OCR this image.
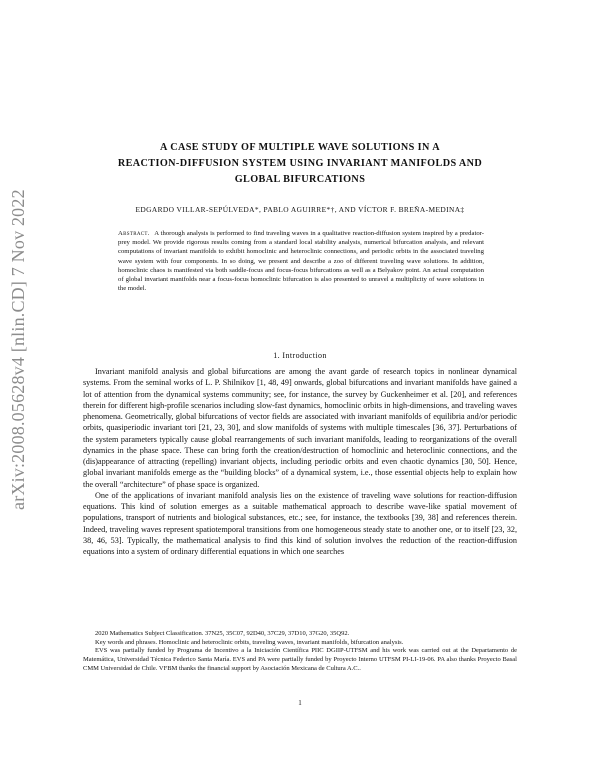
arXiv:2008.05628v4 [nlin.CD] 7 Nov 2022
A CASE STUDY OF MULTIPLE WAVE SOLUTIONS IN A
REACTION-DIFFUSION SYSTEM USING INVARIANT MANIFOLDS AND
GLOBAL BIFURCATIONS
EDGARDO VILLAR-SEPÚLVEDA*, PABLO AGUIRRE*†, AND VÍCTOR F. BREÑA-MEDINA‡
Abstract. A thorough analysis is performed to find traveling waves in a qualitative reaction-diffusion system inspired by a predator-prey model. We provide rigorous results coming from a standard local stability analysis, numerical bifurcation analysis, and relevant computations of invariant manifolds to exhibit homoclinic and heteroclinic connections, and periodic orbits in the associated traveling wave system with four components. In so doing, we present and describe a zoo of different traveling wave solutions. In addition, homoclinic chaos is manifested via both saddle-focus and focus-focus bifurcations as well as a Belyakov point. An actual computation of global invariant manifolds near a focus-focus homoclinic bifurcation is also presented to unravel a multiplicity of wave solutions in the model.
1. Introduction

Invariant manifold analysis and global bifurcations are among the avant garde of research topics in nonlinear dynamical systems. From the seminal works of L. P. Shilnikov [1, 48, 49] onwards, global bifurcations and invariant manifolds have gained a lot of attention from the dynamical systems community; see, for instance, the survey by Guckenheimer et al. [20], and references therein for different high-profile scenarios including slow-fast dynamics, homoclinic orbits in high-dimensions, and traveling waves phenomena. Geometrically, global bifurcations of vector fields are associated with invariant manifolds of equilibria and/or periodic orbits, quasiperiodic invariant tori [21, 23, 30], and slow manifolds of systems with multiple timescales [36, 37]. Perturbations of the system parameters typically cause global rearrangements of such invariant manifolds, leading to reorganizations of the overall dynamics in the phase space. These can bring forth the creation/destruction of homoclinic and heteroclinic connections, and the (dis)appearance of attracting (repelling) invariant objects, including periodic orbits and even chaotic dynamics [30, 50]. Hence, global invariant manifolds emerge as the “building blocks” of a dynamical system, i.e., those essential objects help to explain how the overall “architecture” of phase space is organized.

One of the applications of invariant manifold analysis lies on the existence of traveling wave solutions for reaction-diffusion equations. This kind of solution emerges as a suitable mathematical approach to describe wave-like spatial movement of populations, transport of nutrients and biological substances, etc.; see, for instance, the textbooks [39, 38] and references therein. Indeed, traveling waves represent spatiotemporal transitions from one homogeneous steady state to another one, or to itself [23, 32, 38, 46, 53]. Typically, the mathematical analysis to find this kind of solution involves the reduction of the reaction-diffusion equations into a system of ordinary differential equations in which one searches

2020 Mathematics Subject Classification. 37N25, 35C07, 92D40, 37C29, 37D10, 37G20, 35Q92.

Key words and phrases. Homoclinic and heteroclinic orbits, traveling waves, invariant manifolds, bifurcation analysis.

EVS was partially funded by Programa de Incentivo a la Iniciación Científica PIIC DGIIP-UTFSM and his work was carried out at the Departamento de Matemática, Universidad Técnica Federico Santa María. EVS and PA were partially funded by Proyecto Interno UTFSM PI-LI-19-06. PA also thanks Proyecto Basal CMM Universidad de Chile. VFBM thanks the financial support by Asociación Mexicana de Cultura A.C..

1
